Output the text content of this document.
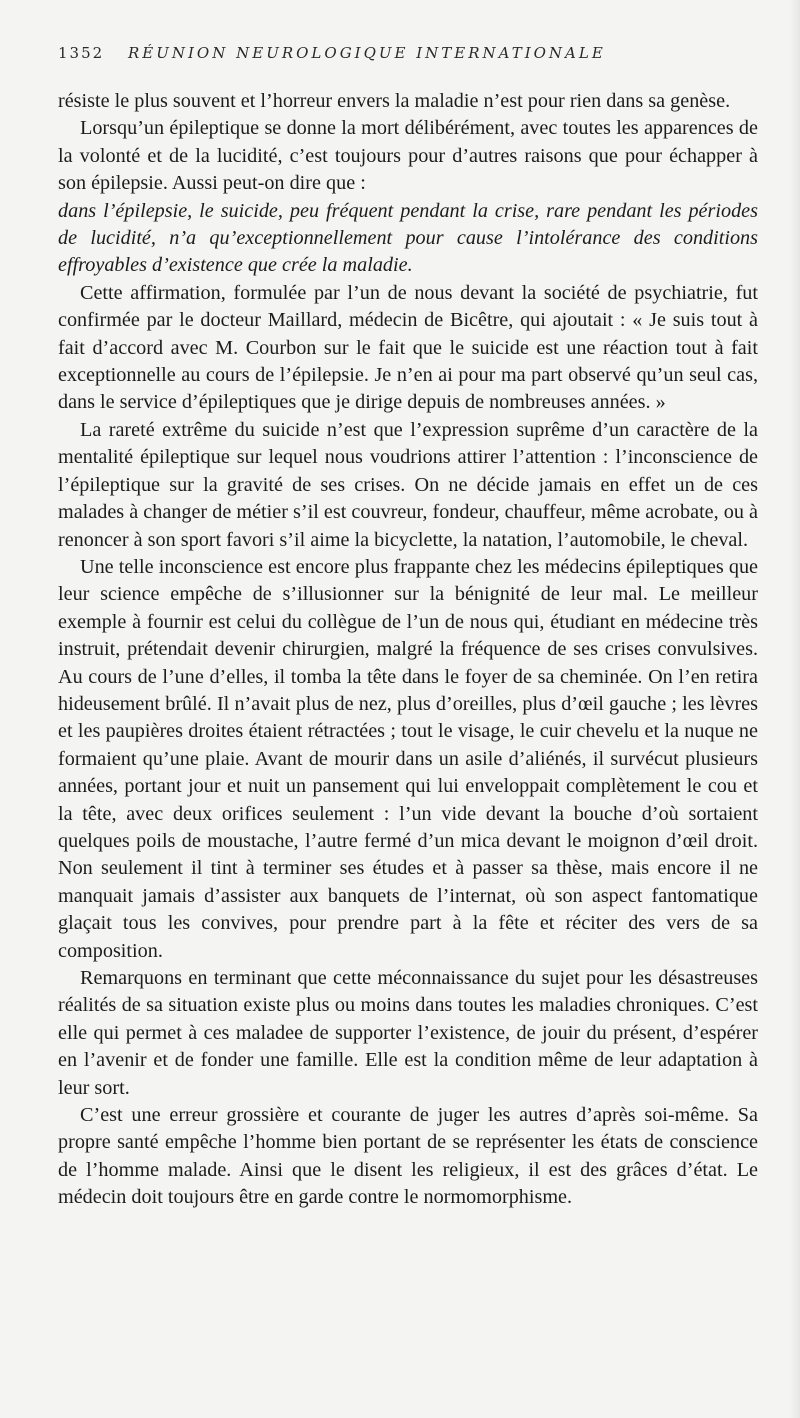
1352	RÉUNION NEUROLOGIQUE INTERNATIONALE

résiste le plus souvent et l’horreur envers la maladie n’est pour rien dans sa genèse.

Lorsqu’un épileptique se donne la mort délibérément, avec toutes les apparences de la volonté et de la lucidité, c’est toujours pour d’autres raisons que pour échapper à son épilepsie. Aussi peut-on dire que :

dans l’épilepsie, le suicide, peu fréquent pendant la crise, rare pendant les périodes de lucidité, n’a qu’exceptionnellement pour cause l’intolérance des conditions effroyables d’existence que crée la maladie.

Cette affirmation, formulée par l’un de nous devant la société de psychiatrie, fut confirmée par le docteur Maillard, médecin de Bicêtre, qui ajoutait : « Je suis tout à fait d’accord avec M. Courbon sur le fait que le suicide est une réaction tout à fait exceptionnelle au cours de l’épilepsie. Je n’en ai pour ma part observé qu’un seul cas, dans le service d’épileptiques que je dirige depuis de nombreuses années. »

La rareté extrême du suicide n’est que l’expression suprême d’un caractère de la mentalité épileptique sur lequel nous voudrions attirer l’attention : l’inconscience de l’épileptique sur la gravité de ses crises. On ne décide jamais en effet un de ces malades à changer de métier s’il est couvreur, fondeur, chauffeur, même acrobate, ou à renoncer à son sport favori s’il aime la bicyclette, la natation, l’automobile, le cheval.

Une telle inconscience est encore plus frappante chez les médecins épileptiques que leur science empêche de s’illusionner sur la bénignité de leur mal. Le meilleur exemple à fournir est celui du collègue de l’un de nous qui, étudiant en médecine très instruit, prétendait devenir chirurgien, malgré la fréquence de ses crises convulsives. Au cours de l’une d’elles, il tomba la tête dans le foyer de sa cheminée. On l’en retira hideusement brûlé. Il n’avait plus de nez, plus d’oreilles, plus d’œil gauche ; les lèvres et les paupières droites étaient rétractées ; tout le visage, le cuir chevelu et la nuque ne formaient qu’une plaie. Avant de mourir dans un asile d’aliénés, il survécut plusieurs années, portant jour et nuit un pansement qui lui enveloppait complètement le cou et la tête, avec deux orifices seulement : l’un vide devant la bouche d’où sortaient quelques poils de moustache, l’autre fermé d’un mica devant le moignon d’œil droit. Non seulement il tint à terminer ses études et à passer sa thèse, mais encore il ne manquait jamais d’assister aux banquets de l’internat, où son aspect fantomatique glaçait tous les convives, pour prendre part à la fête et réciter des vers de sa composition.

Remarquons en terminant que cette méconnaissance du sujet pour les désastreuses réalités de sa situation existe plus ou moins dans toutes les maladies chroniques. C’est elle qui permet à ces maladee de supporter l’existence, de jouir du présent, d’espérer en l’avenir et de fonder une famille. Elle est la condition même de leur adaptation à leur sort.

C’est une erreur grossière et courante de juger les autres d’après soi-même. Sa propre santé empêche l’homme bien portant de se représenter les états de conscience de l’homme malade. Ainsi que le disent les religieux, il est des grâces d’état. Le médecin doit toujours être en garde contre le normomorphisme.
